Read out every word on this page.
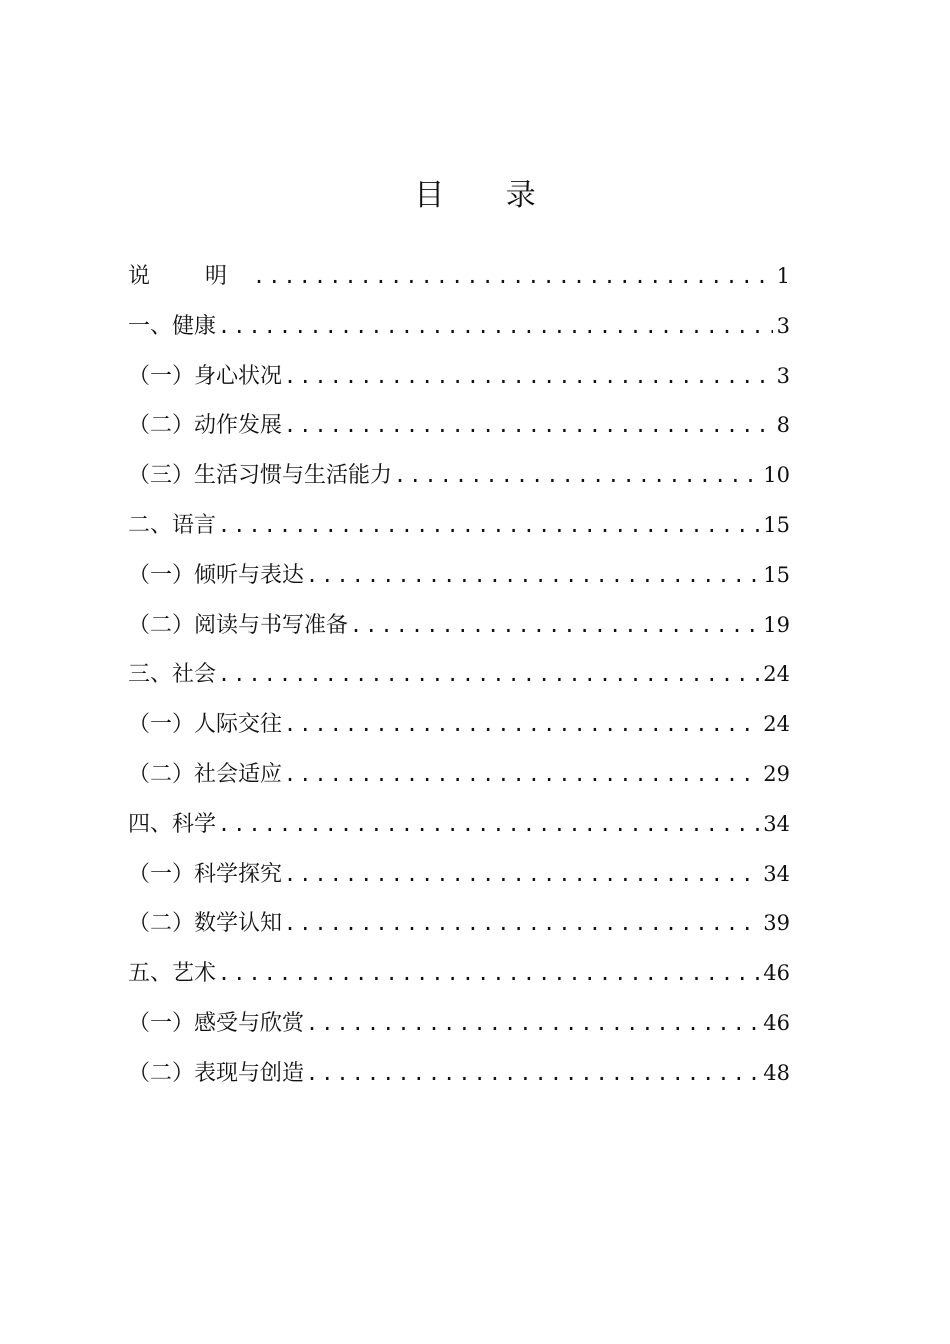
目 录
说 明 .....	1
一、健康 .....	3
（一）身心状况 .....	3
（二）动作发展 .....	8
（三）生活习惯与生活能力 .....	10
二、语言 .....	15
（一）倾听与表达 .....	15
（二）阅读与书写准备 .....	19
三、社会 .....	24
（一）人际交往 .....	24
（二）社会适应 .....	29
四、科学 .....	34
（一）科学探究 .....	34
（二）数学认知 .....	39
五、艺术 .....	46
（一）感受与欣赏 .....	46
（二）表现与创造 .....	48
